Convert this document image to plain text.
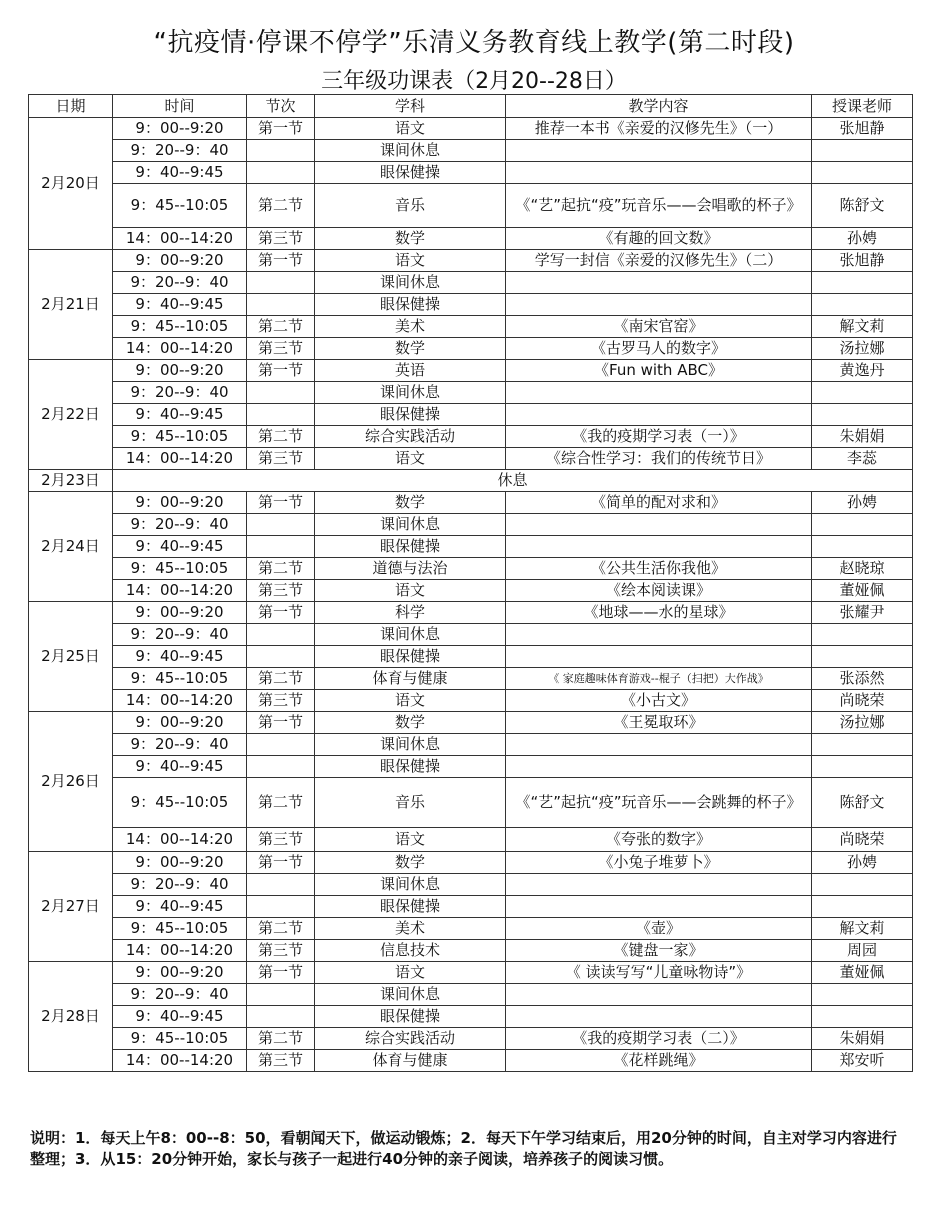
“抗疫情·停课不停学”乐清义务教育线上教学(第二时段)
三年级功课表（2月20--28日）
日期	时间	节次	学科	教学内容	授课老师
2月20日	9：00--9:20	第一节	语文	推荐一本书《亲爱的汉修先生》（一）	张旭静
	9：20--9：40		课间休息		
	9：40--9:45		眼保健操		
	9：45--10:05	第二节	音乐	《“艺”起抗“疫”玩音乐——会唱歌的杯子》	陈舒文
	14：00--14:20	第三节	数学	《有趣的回文数》	孙娉
2月21日	9：00--9:20	第一节	语文	学写一封信《亲爱的汉修先生》（二）	张旭静
	9：20--9：40		课间休息		
	9：40--9:45		眼保健操		
	9：45--10:05	第二节	美术	《南宋官窑》	解文莉
	14：00--14:20	第三节	数学	《古罗马人的数字》	汤拉娜
2月22日	9：00--9:20	第一节	英语	《Fun with ABC》	黄逸丹
	9：20--9：40		课间休息		
	9：40--9:45		眼保健操		
	9：45--10:05	第二节	综合实践活动	《我的疫期学习表（一）》	朱娟娟
	14：00--14:20	第三节	语文	《综合性学习：我们的传统节日》	李蕊
2月23日	休息				
2月24日	9：00--9:20	第一节	数学	《简单的配对求和》	孙娉
	9：20--9：40		课间休息		
	9：40--9:45		眼保健操		
	9：45--10:05	第二节	道德与法治	《公共生活你我他》	赵晓琼
	14：00--14:20	第三节	语文	《绘本阅读课》	董娅佩
2月25日	9：00--9:20	第一节	科学	《地球——水的星球》	张耀尹
	9：20--9：40		课间休息		
	9：40--9:45		眼保健操		
	9：45--10:05	第二节	体育与健康	《 家庭趣味体育游戏--棍子（扫把）大作战》	张添然
	14：00--14:20	第三节	语文	《小古文》	尚晓荣
2月26日	9：00--9:20	第一节	数学	《王冕取环》	汤拉娜
	9：20--9：40		课间休息		
	9：40--9:45		眼保健操		
	9：45--10:05	第二节	音乐	《“艺”起抗“疫”玩音乐——会跳舞的杯子》	陈舒文
	14：00--14:20	第三节	语文	《夸张的数字》	尚晓荣
2月27日	9：00--9:20	第一节	数学	《小兔子堆萝卜》	孙娉
	9：20--9：40		课间休息		
	9：40--9:45		眼保健操		
	9：45--10:05	第二节	美术	《壶》	解文莉
	14：00--14:20	第三节	信息技术	《键盘一家》	周园
2月28日	9：00--9:20	第一节	语文	《 读读写写“儿童咏物诗”》	董娅佩
	9：20--9：40		课间休息		
	9：40--9:45		眼保健操		
	9：45--10:05	第二节	综合实践活动	《我的疫期学习表（二）》	朱娟娟
	14：00--14:20	第三节	体育与健康	《花样跳绳》	郑安听
说明：1．每天上午8：00--8：50，看朝闻天下，做运动锻炼；2．每天下午学习结束后，用20分钟的时间，自主对学习内容进行整理；3．从15：20分钟开始，家长与孩子一起进行40分钟的亲子阅读，培养孩子的阅读习惯。
